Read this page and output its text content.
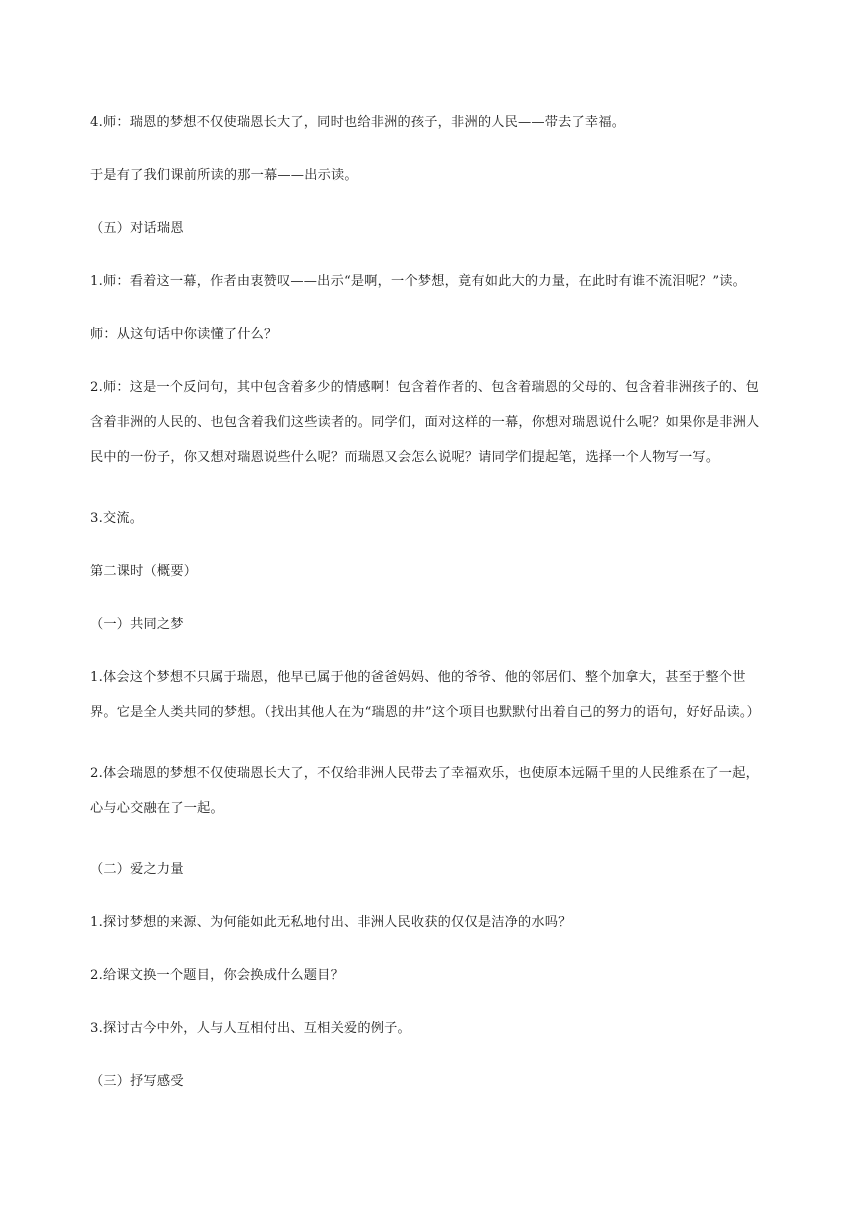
4.师：瑞恩的梦想不仅使瑞恩长大了，同时也给非洲的孩子，非洲的人民——带去了幸福。

于是有了我们课前所读的那一幕——出示读。

（五）对话瑞恩

1.师：看着这一幕，作者由衷赞叹——出示“是啊，一个梦想，竟有如此大的力量，在此时有谁不流泪呢？”读。

师：从这句话中你读懂了什么？

2.师：这是一个反问句，其中包含着多少的情感啊！包含着作者的、包含着瑞恩的父母的、包含着非洲孩子的、包含着非洲的人民的、也包含着我们这些读者的。同学们，面对这样的一幕，你想对瑞恩说什么呢？如果你是非洲人民中的一份子，你又想对瑞恩说些什么呢？而瑞恩又会怎么说呢？请同学们提起笔，选择一个人物写一写。

3.交流。

第二课时（概要）

（一）共同之梦

1.体会这个梦想不只属于瑞恩，他早已属于他的爸爸妈妈、他的爷爷、他的邻居们、整个加拿大，甚至于整个世界。它是全人类共同的梦想。（找出其他人在为“瑞恩的井”这个项目也默默付出着自己的努力的语句，好好品读。）

2.体会瑞恩的梦想不仅使瑞恩长大了，不仅给非洲人民带去了幸福欢乐，也使原本远隔千里的人民维系在了一起，心与心交融在了一起。

（二）爱之力量

1.探讨梦想的来源、为何能如此无私地付出、非洲人民收获的仅仅是洁净的水吗？

2.给课文换一个题目，你会换成什么题目？

3.探讨古今中外，人与人互相付出、互相关爱的例子。

（三）抒写感受
